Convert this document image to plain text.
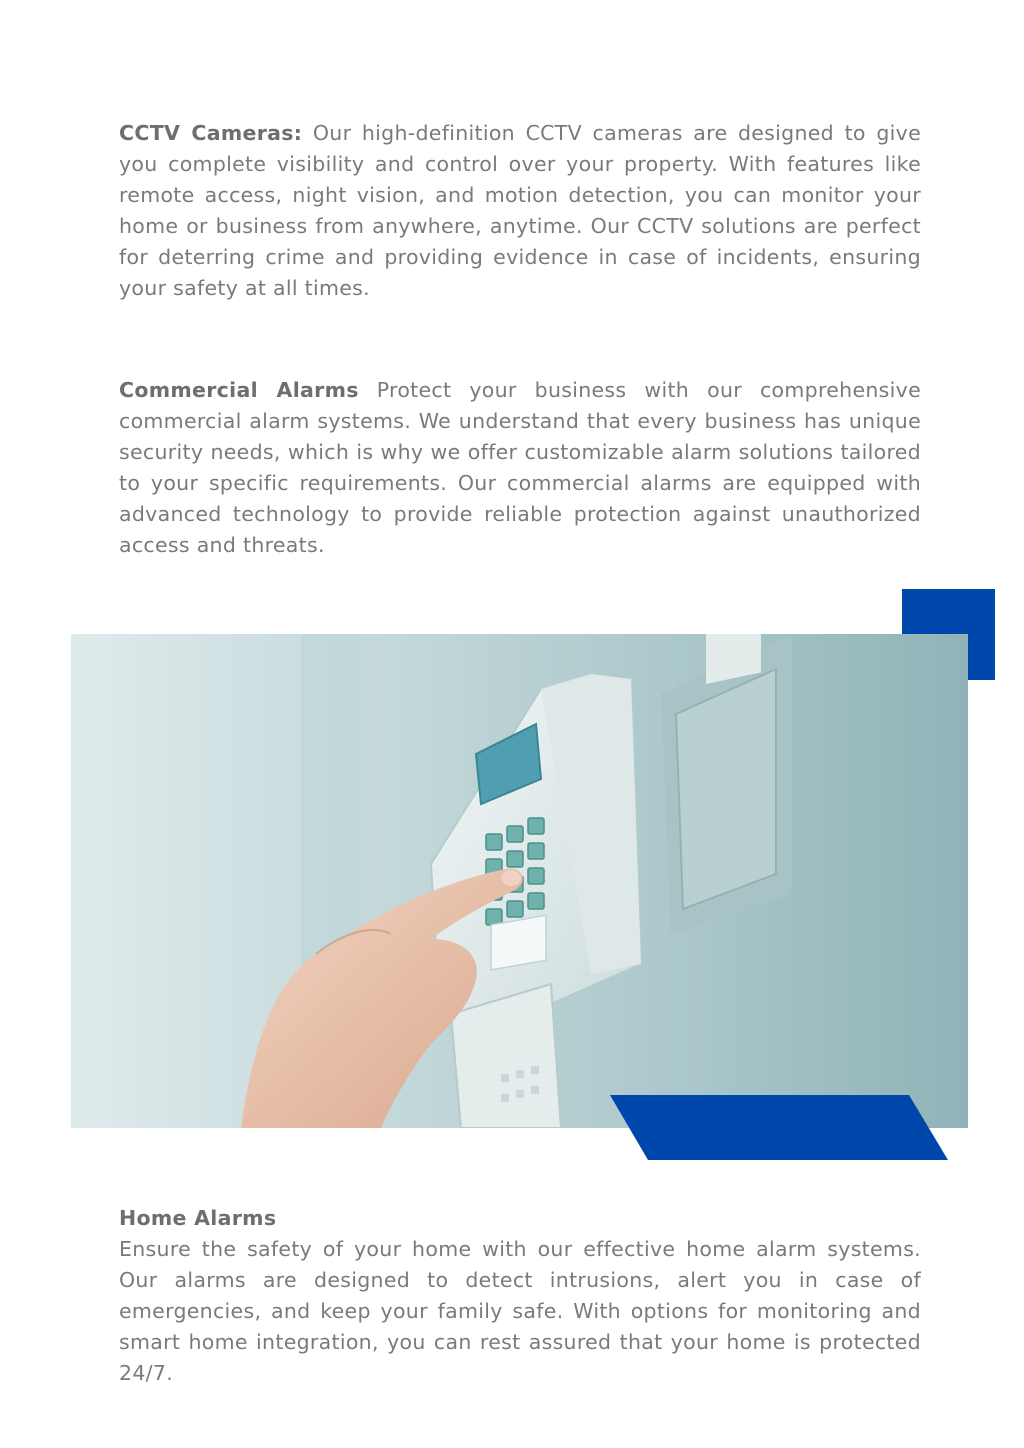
CCTV Cameras: Our high-definition CCTV cameras are designed to give you complete visibility and control over your property. With features like remote access, night vision, and motion detection, you can monitor your home or business from anywhere, anytime. Our CCTV solutions are perfect for deterring crime and providing evidence in case of incidents, ensuring your safety at all times.
Commercial Alarms Protect your business with our comprehensive commercial alarm systems. We understand that every business has unique security needs, which is why we offer customizable alarm solutions tailored to your specific requirements. Our commercial alarms are equipped with advanced technology to provide reliable protection against unauthorized access and threats.
Home Alarms
Ensure the safety of your home with our effective home alarm systems. Our alarms are designed to detect intrusions, alert you in case of emergencies, and keep your family safe. With options for monitoring and smart home integration, you can rest assured that your home is protected 24/7.
